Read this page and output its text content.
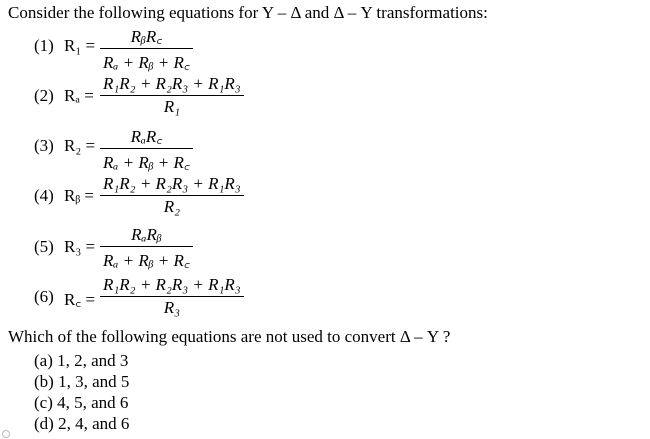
Consider the following equations for Y – Δ and Δ – Y transformations:
(1) R₁ =	RᵦR꜀
Rₐ + Rᵦ + R꜀
(2) $R_a = \frac{\text{R₁R₂ + R₂R₃ + R₁R₃}}{\text{R₁}}$
(3) R₂ =	RₐR꜀
Rₐ + Rᵦ + R꜀
(4) Rᵦ = $\frac{\text{R₁R₂ + R₂R₃ + R₁R₃}}{\text{R₂}}$
(5) R₃ =
RₐRᵦ
Rₐ + Rᵦ + R꜀
(6) R꜀ = $\frac{\text{R₁R₂ + R₂R₃ + R₁R₃}}{\text{R₃}}$
Which of the following equations are not used to convert Δ – Y ?
(a) 1, 2, and 3
(b) 1, 3, and 5
(c) 4, 5, and 6
(d) 2, 4, and 6
